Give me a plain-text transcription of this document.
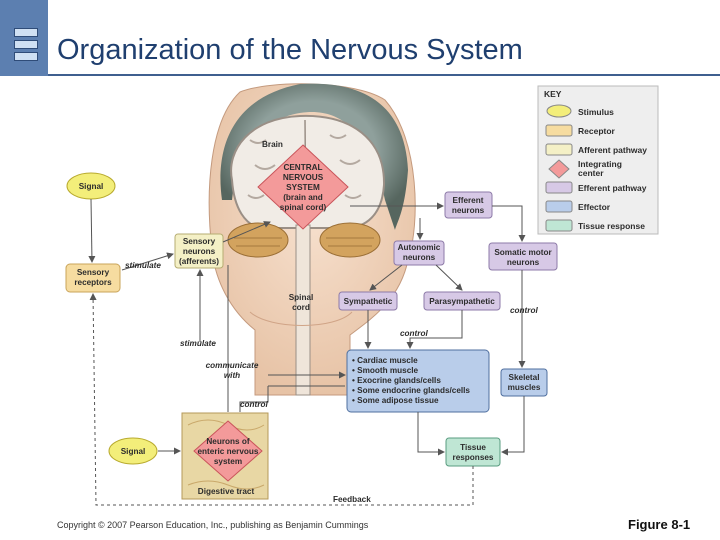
Organization of the Nervous System
CENTRAL NERVOUS SYSTEM (brain and spinal cord)
Brain
Spinal cord
Signal
Signal
Sensory receptors
Sensory neurons (afferents)
Efferent neurons
Autonomic neurons
Somatic motor neurons
Sympathetic	Parasympathetic
• Cardiac muscle • Smooth muscle • Exocrine glands/cells • Some endocrine glands/cells • Some adipose tissue
Skeletal muscles
Tissue responses
Neurons of enteric nervous system
Digestive tract
stimulate
stimulate
communicate with
control
control
control
Feedback
KEY
Stimulus
Receptor
Afferent pathway
Integrating center
Efferent pathway
Effector
Tissue response
Copyright © 2007 Pearson Education, Inc., publishing as Benjamin Cummings	Figure 8-1
